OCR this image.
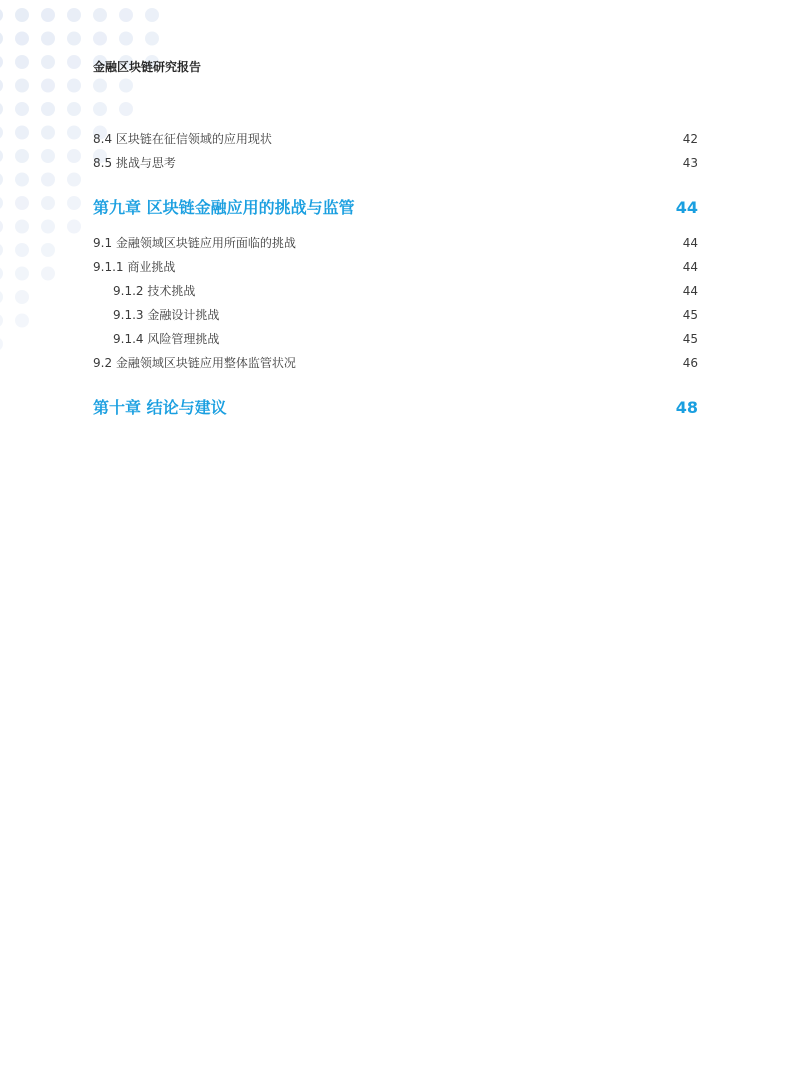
金融区块链研究报告
8.4 区块链在征信领域的应用现状	42
8.5 挑战与思考	43
第九章 区块链金融应用的挑战与监管	44
9.1 金融领域区块链应用所面临的挑战	44
9.1.1 商业挑战	44
9.1.2 技术挑战	44
9.1.3 金融设计挑战	45
9.1.4 风险管理挑战	45
9.2 金融领域区块链应用整体监管状况	46
第十章 结论与建议	48
